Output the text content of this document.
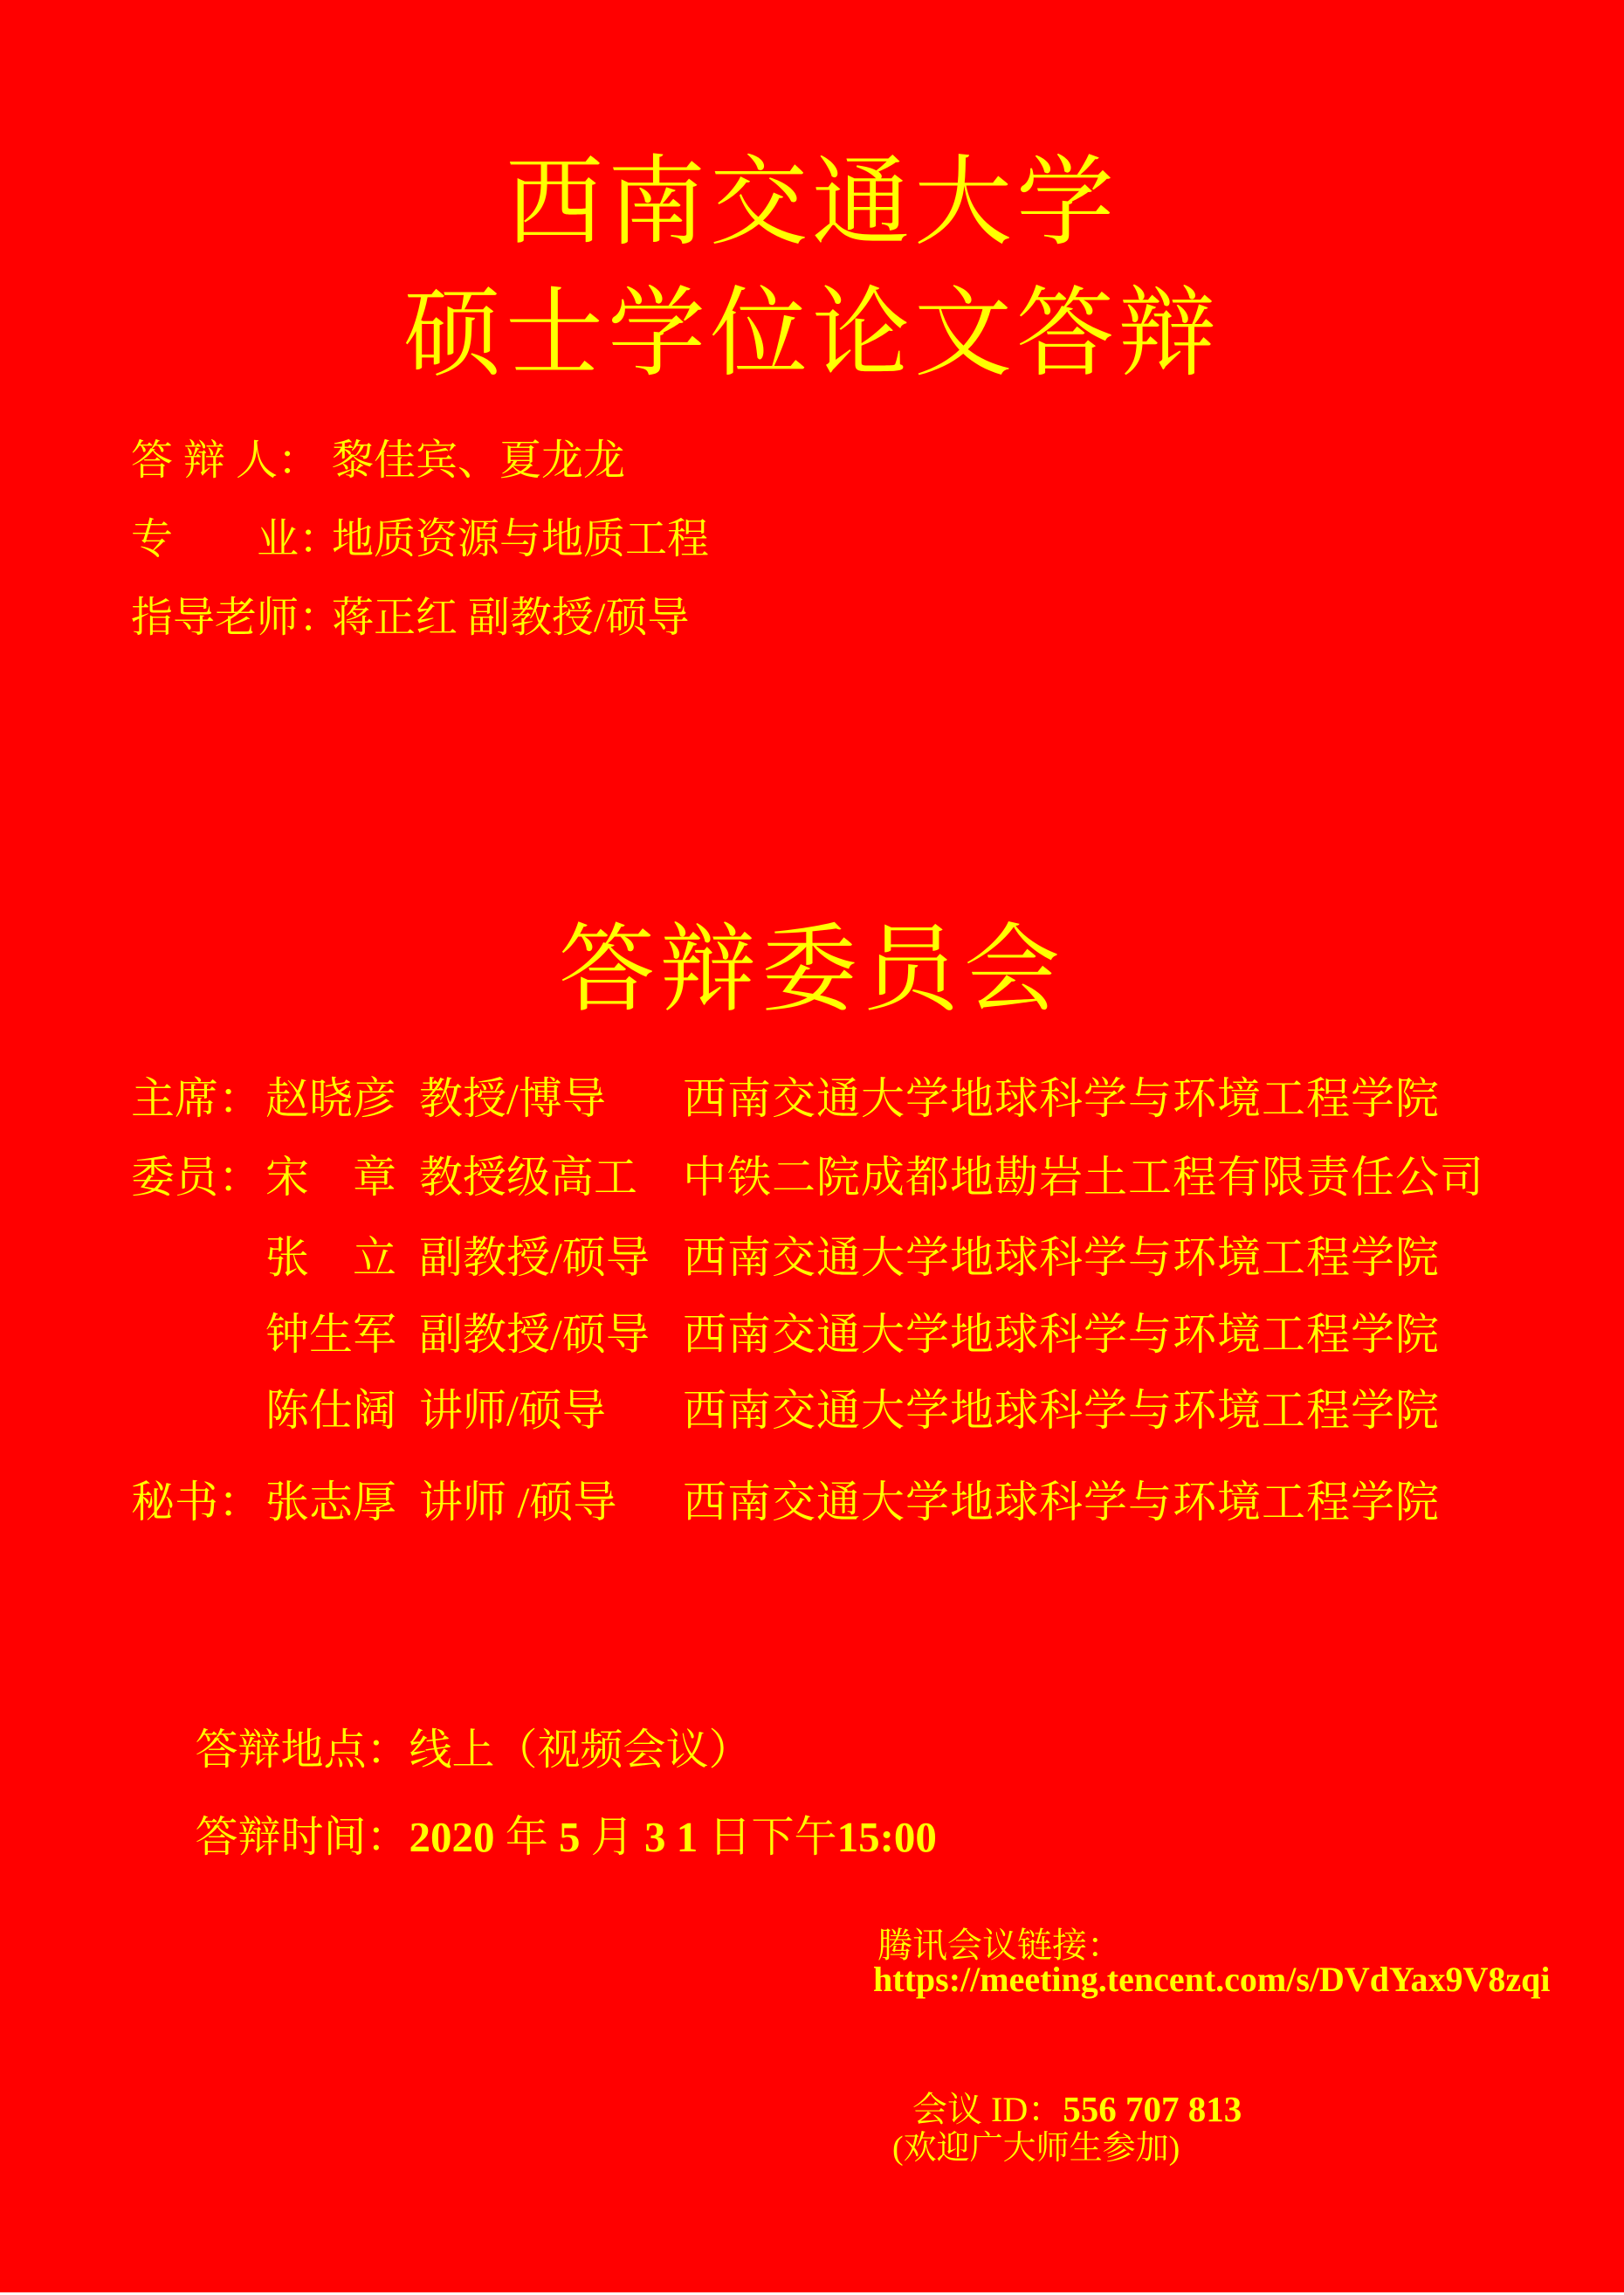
西南交通大学
硕士学位论文答辩
答 辩 人： 黎佳宾、夏龙龙
专　　业：
地质资源与地质工程
指导老师：
蒋正红 副教授/硕导
答辩委员会
主席： 赵晓彦 教授/博导 西南交通大学地球科学与环境工程学院
委员： 宋　章 教授级高工 中铁二院成都地勘岩土工程有限责任公司
张　立 副教授/硕导 西南交通大学地球科学与环境工程学院
钟生军 副教授/硕导 西南交通大学地球科学与环境工程学院
陈仕阔 讲师/硕导 西南交通大学地球科学与环境工程学院
秘书： 张志厚 讲师 /硕导 西南交通大学地球科学与环境工程学院

答辩地点：线上（视频会议）

答辩时间：2020 年 5 月 3 1 日下午15:00

腾讯会议链接：
https://meeting.tencent.com/s/DVdYax9V8zqi

会议 ID：556 707 813

(欢迎广大师生参加)
